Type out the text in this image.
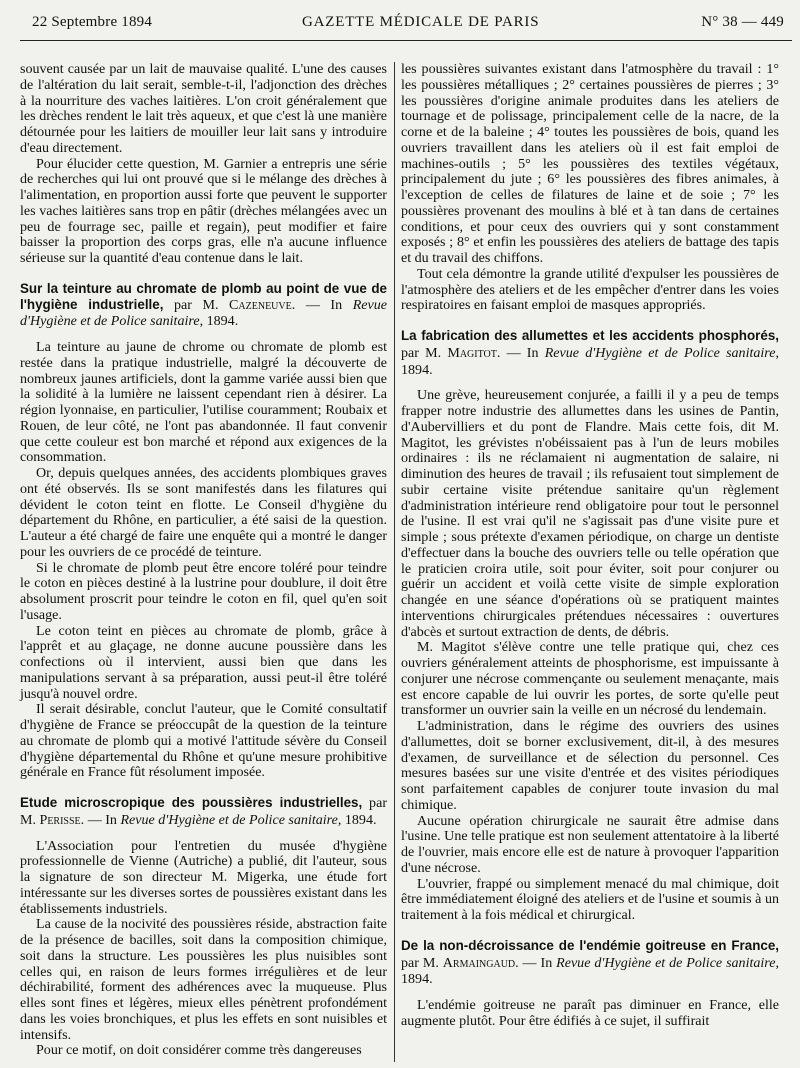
22 Septembre 1894	GAZETTE MÉDICALE DE PARIS	N° 38 — 449

souvent causée par un lait de mauvaise qualité. L'une des causes de l'altération du lait serait, semble-t-il, l'adjonction des drèches à la nourriture des vaches laitières. L'on croit généralement que les drèches rendent le lait très aqueux, et que c'est là une manière détournée pour les laitiers de mouiller leur lait sans y introduire d'eau directement.

Pour élucider cette question, M. Garnier a entrepris une série de recherches qui lui ont prouvé que si le mélange des drèches à l'alimentation, en proportion aussi forte que peuvent le supporter les vaches laitières sans trop en pâtir (drèches mélangées avec un peu de fourrage sec, paille et regain), peut modifier et faire baisser la proportion des corps gras, elle n'a aucune influence sérieuse sur la quantité d'eau contenue dans le lait.

Sur la teinture au chromate de plomb au point de vue de l'hygiène industrielle, par M. Cazeneuve. — In Revue d'Hygiène et de Police sanitaire, 1894.

La teinture au jaune de chrome ou chromate de plomb est restée dans la pratique industrielle, malgré la découverte de nombreux jaunes artificiels, dont la gamme variée aussi bien que la solidité à la lumière ne laissent cependant rien à désirer. La région lyonnaise, en particulier, l'utilise couramment; Roubaix et Rouen, de leur côté, ne l'ont pas abandonnée. Il faut convenir que cette couleur est bon marché et répond aux exigences de la consommation.

Or, depuis quelques années, des accidents plombiques graves ont été observés. Ils se sont manifestés dans les filatures qui dévident le coton teint en flotte. Le Conseil d'hygiène du département du Rhône, en particulier, a été saisi de la question. L'auteur a été chargé de faire une enquête qui a montré le danger pour les ouvriers de ce procédé de teinture.

Si le chromate de plomb peut être encore toléré pour teindre le coton en pièces destiné à la lustrine pour doublure, il doit être absolument proscrit pour teindre le coton en fil, quel qu'en soit l'usage.

Le coton teint en pièces au chromate de plomb, grâce à l'apprêt et au glaçage, ne donne aucune poussière dans les confections où il intervient, aussi bien que dans les manipulations servant à sa préparation, aussi peut-il être toléré jusqu'à nouvel ordre.

Il serait désirable, conclut l'auteur, que le Comité consultatif d'hygiène de France se préoccupât de la question de la teinture au chromate de plomb qui a motivé l'attitude sévère du Conseil d'hygiène départemental du Rhône et qu'une mesure prohibitive générale en France fût résolument imposée.

Etude microscropique des poussières industrielles, par M. Perisse. — In Revue d'Hygiène et de Police sanitaire, 1894.

L'Association pour l'entretien du musée d'hygiène professionnelle de Vienne (Autriche) a publié, dit l'auteur, sous la signature de son directeur M. Migerka, une étude fort intéressante sur les diverses sortes de poussières existant dans les établissements industriels.

La cause de la nocivité des poussières réside, abstraction faite de la présence de bacilles, soit dans la composition chimique, soit dans la structure. Les poussières les plus nuisibles sont celles qui, en raison de leurs formes irrégulières et de leur déchirabilité, forment des adhérences avec la muqueuse. Plus elles sont fines et légères, mieux elles pénètrent profondément dans les voies bronchiques, et plus les effets en sont nuisibles et intensifs.

Pour ce motif, on doit considérer comme très dangereuses

les poussières suivantes existant dans l'atmosphère du travail : 1° les poussières métalliques ; 2° certaines poussières de pierres ; 3° les poussières d'origine animale produites dans les ateliers de tournage et de polissage, principalement celle de la nacre, de la corne et de la baleine ; 4° toutes les poussières de bois, quand les ouvriers travaillent dans les ateliers où il est fait emploi de machines-outils ; 5° les poussières des textiles végétaux, principalement du jute ; 6° les poussières des fibres animales, à l'exception de celles de filatures de laine et de soie ; 7° les poussières provenant des moulins à blé et à tan dans de certaines conditions, et pour ceux des ouvriers qui y sont constamment exposés ; 8° et enfin les poussières des ateliers de battage des tapis et du travail des chiffons.

Tout cela démontre la grande utilité d'expulser les poussières de l'atmosphère des ateliers et de les empêcher d'entrer dans les voies respiratoires en faisant emploi de masques appropriés.

La fabrication des allumettes et les accidents phosphorés, par M. Magitot. — In Revue d'Hygiène et de Police sanitaire, 1894.

Une grève, heureusement conjurée, a failli il y a peu de temps frapper notre industrie des allumettes dans les usines de Pantin, d'Aubervilliers et du pont de Flandre. Mais cette fois, dit M. Magitot, les grévistes n'obéissaient pas à l'un de leurs mobiles ordinaires : ils ne réclamaient ni augmentation de salaire, ni diminution des heures de travail ; ils refusaient tout simplement de subir certaine visite prétendue sanitaire qu'un règlement d'administration intérieure rend obligatoire pour tout le personnel de l'usine. Il est vrai qu'il ne s'agissait pas d'une visite pure et simple ; sous prétexte d'examen périodique, on charge un dentiste d'effectuer dans la bouche des ouvriers telle ou telle opération que le praticien croira utile, soit pour éviter, soit pour conjurer ou guérir un accident et voilà cette visite de simple exploration changée en une séance d'opérations où se pratiquent maintes interventions chirurgicales prétendues nécessaires : ouvertures d'abcès et surtout extraction de dents, de débris.

M. Magitot s'élève contre une telle pratique qui, chez ces ouvriers généralement atteints de phosphorisme, est impuissante à conjurer une nécrose commençante ou seulement menaçante, mais est encore capable de lui ouvrir les portes, de sorte qu'elle peut transformer un ouvrier sain la veille en un nécrosé du lendemain.

L'administration, dans le régime des ouvriers des usines d'allumettes, doit se borner exclusivement, dit-il, à des mesures d'examen, de surveillance et de sélection du personnel. Ces mesures basées sur une visite d'entrée et des visites périodiques sont parfaitement capables de conjurer toute invasion du mal chimique.

Aucune opération chirurgicale ne saurait être admise dans l'usine. Une telle pratique est non seulement attentatoire à la liberté de l'ouvrier, mais encore elle est de nature à provoquer l'apparition d'une nécrose.

L'ouvrier, frappé ou simplement menacé du mal chimique, doit être immédiatement éloigné des ateliers et de l'usine et soumis à un traitement à la fois médical et chirurgical.

De la non-décroissance de l'endémie goitreuse en France, par M. Armaingaud. — In Revue d'Hygiène et de Police sanitaire, 1894.

L'endémie goitreuse ne paraît pas diminuer en France, elle augmente plutôt. Pour être édifiés à ce sujet, il suffirait
